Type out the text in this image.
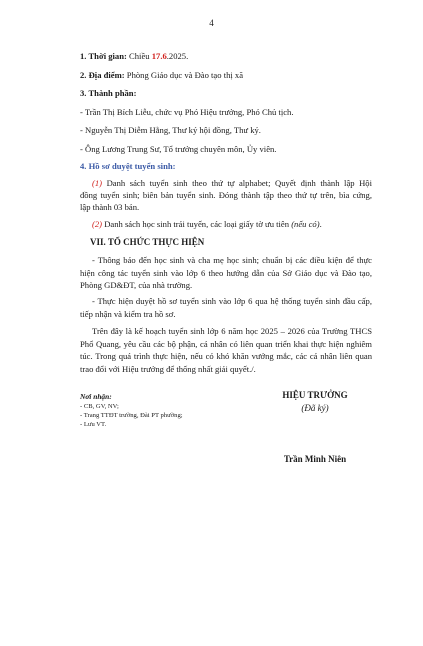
4
1. Thời gian: Chiều 17.6.2025.
2. Địa điểm: Phòng Giáo dục và Đào tạo thị xã
3. Thành phần:
- Trần Thị Bích Liễu, chức vụ Phó Hiệu trưởng, Phó Chủ tịch.
- Nguyễn Thị Diễm Hằng, Thư ký hội đồng, Thư ký.
- Ông Lương Trung Sư, Tổ trưởng chuyên môn, Ủy viên.
4. Hồ sơ duyệt tuyển sinh:
(1) Danh sách tuyển sinh theo thứ tự alphabet; Quyết định thành lập Hội
đồng tuyển sinh; biên bản tuyển sinh. Đóng thành tập theo thứ tự trên, bìa cứng,
lập thành 03 bản.
(2) Danh sách học sinh trái tuyến, các loại giấy tờ ưu tiên (nếu có).
VII. TỔ CHỨC THỰC HIỆN
- Thông báo đến học sinh và cha mẹ học sinh; chuẩn bị các điều kiện để thực hiện công tác tuyển sinh vào lớp 6 theo hướng dẫn của Sở Giáo dục và Đào tạo, Phòng GD&ĐT, của nhà trường.
- Thực hiện duyệt hồ sơ tuyển sinh vào lớp 6 qua hệ thống tuyển sinh đầu cấp, tiếp nhận và kiểm tra hồ sơ.
Trên đây là kế hoạch tuyển sinh lớp 6 năm học 2025 – 2026 của Trường THCS Phổ Quang, yêu cầu các bộ phận, cá nhân có liên quan triển khai thực hiện nghiêm túc. Trong quá trình thực hiện, nếu có khó khăn vướng mắc, các cá nhân liên quan trao đổi với Hiệu trưởng để thống nhất giải quyết./.
Nơi nhận:
- CB, GV, NV;
- Trang TTĐT trường, Đài PT phường;
- Lưu VT.
HIỆU TRƯỞNG
(Đã ký)
Trần Minh Niên
